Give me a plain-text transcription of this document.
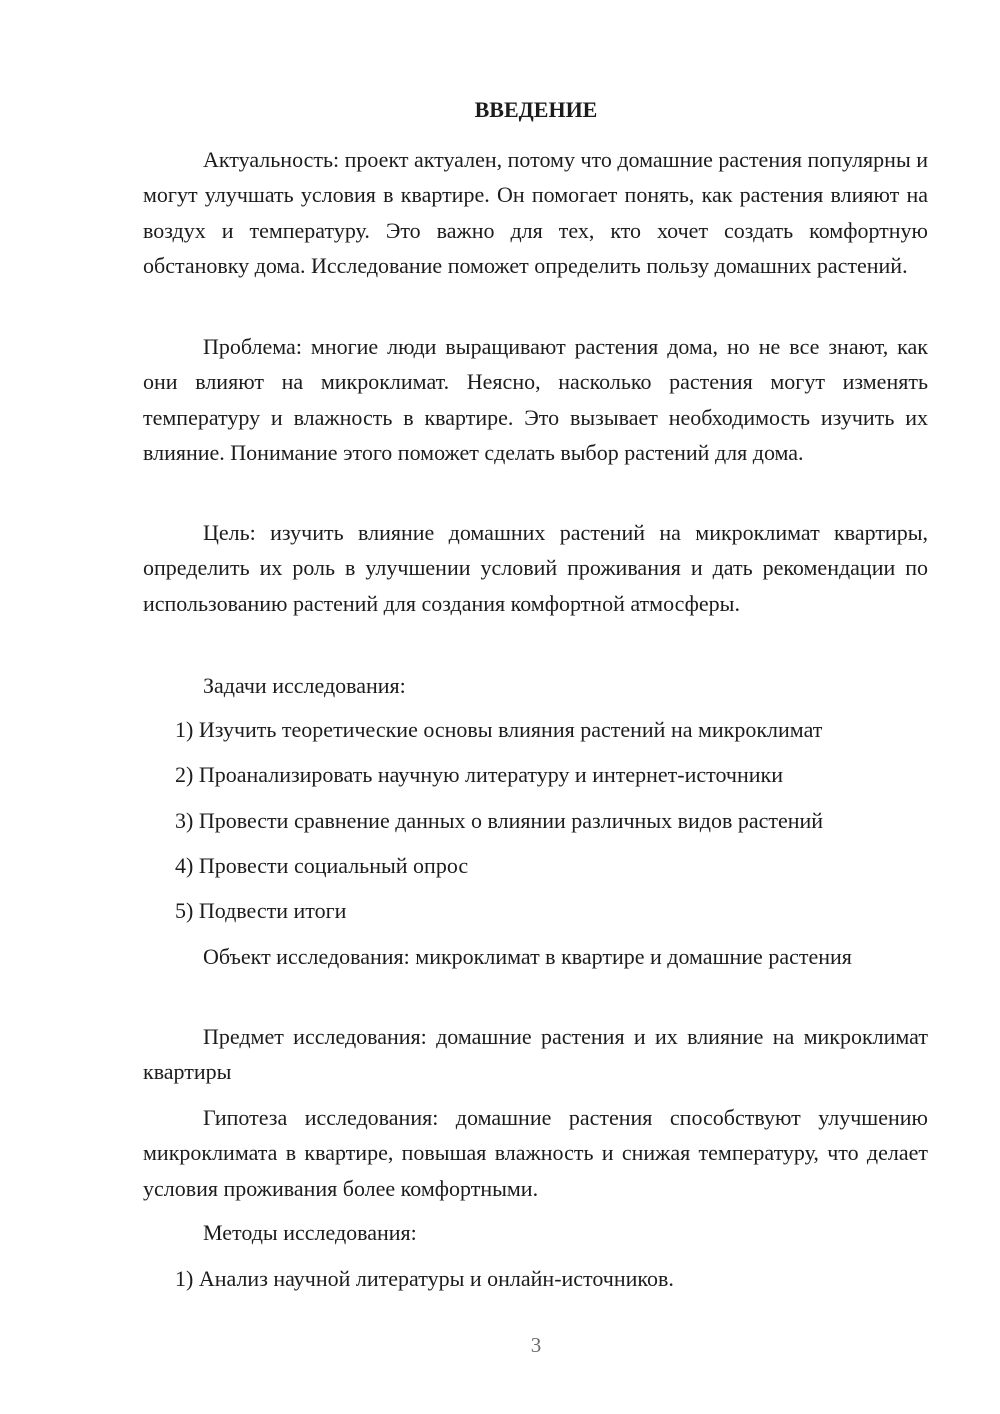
ВВЕДЕНИЕ

Актуальность: проект актуален, потому что домашние растения популярны и могут улучшать условия в квартире. Он помогает понять, как растения влияют на воздух и температуру. Это важно для тех, кто хочет создать комфортную обстановку дома. Исследование поможет определить пользу домашних растений.

Проблема: многие люди выращивают растения дома, но не все знают, как они влияют на микроклимат. Неясно, насколько растения могут изменять температуру и влажность в квартире. Это вызывает необходимость изучить их влияние. Понимание этого поможет сделать выбор растений для дома.

Цель: изучить влияние домашних растений на микроклимат квартиры, определить их роль в улучшении условий проживания и дать рекомендации по использованию растений для создания комфортной атмосферы.

Задачи исследования:
1) Изучить теоретические основы влияния растений на микроклимат
2) Проанализировать научную литературу и интернет-источники
3) Провести сравнение данных о влиянии различных видов растений
4) Провести социальный опрос
5) Подвести итоги

Объект исследования: микроклимат в квартире и домашние растения

Предмет исследования: домашние растения и их влияние на микроклимат квартиры

Гипотеза исследования: домашние растения способствуют улучшению микроклимата в квартире, повышая влажность и снижая температуру, что делает условия проживания более комфортными.

Методы исследования:
1) Анализ научной литературы и онлайн-источников.
3
